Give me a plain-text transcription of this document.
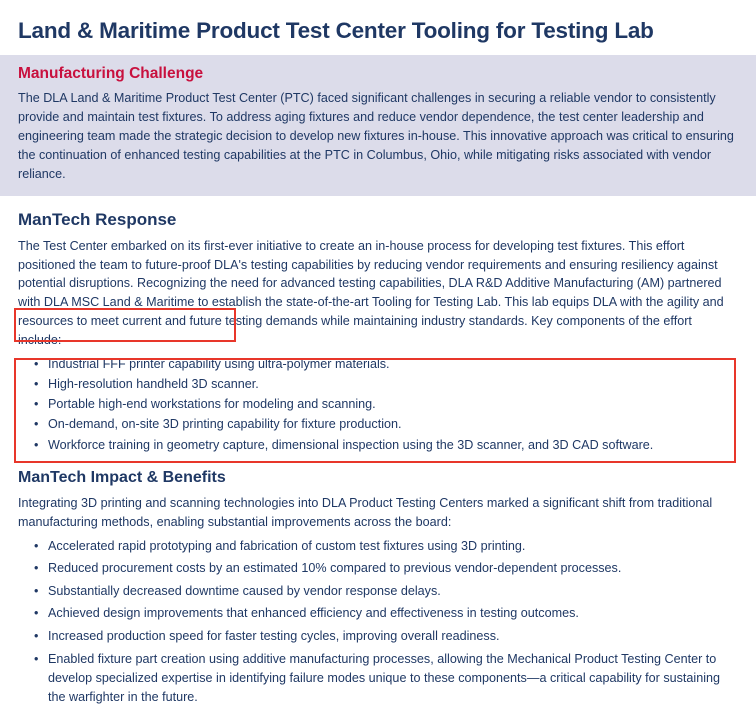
Land & Maritime Product Test Center Tooling for Testing Lab
Manufacturing Challenge

The DLA Land & Maritime Product Test Center (PTC) faced significant challenges in securing a reliable vendor to consistently provide and maintain test fixtures. To address aging fixtures and reduce vendor dependence, the test center leadership and engineering team made the strategic decision to develop new fixtures in-house. This innovative approach was critical to ensuring the continuation of enhanced testing capabilities at the PTC in Columbus, Ohio, while mitigating risks associated with vendor reliance.

ManTech Response

The Test Center embarked on its first-ever initiative to create an in-house process for developing test fixtures. This effort positioned the team to future-proof DLA's testing capabilities by reducing vendor requirements and ensuring resiliency against potential disruptions. Recognizing the need for advanced testing capabilities, DLA R&D Additive Manufacturing (AM) partnered with DLA MSC Land & Maritime to establish the state-of-the-art Tooling for Testing Lab. This lab equips DLA with the agility and resources to meet current and future testing demands while maintaining industry standards. Key components of the effort include:

• Industrial FFF printer capability using ultra-polymer materials.
• High-resolution handheld 3D scanner.
• Portable high-end workstations for modeling and scanning.
• On-demand, on-site 3D printing capability for fixture production.
• Workforce training in geometry capture, dimensional inspection using the 3D scanner, and 3D CAD software.
ManTech Impact & Benefits

Integrating 3D printing and scanning technologies into DLA Product Testing Centers marked a significant shift from traditional manufacturing methods, enabling substantial improvements across the board:

• Accelerated rapid prototyping and fabrication of custom test fixtures using 3D printing.
• Reduced procurement costs by an estimated 10% compared to previous vendor-dependent processes.
• Substantially decreased downtime caused by vendor response delays.
• Achieved design improvements that enhanced efficiency and effectiveness in testing outcomes.
• Increased production speed for faster testing cycles, improving overall readiness.
• Enabled fixture part creation using additive manufacturing processes, allowing the Mechanical Product Testing Center to develop specialized expertise in identifying failure modes unique to these components—a critical capability for sustaining the warfighter in the future.
